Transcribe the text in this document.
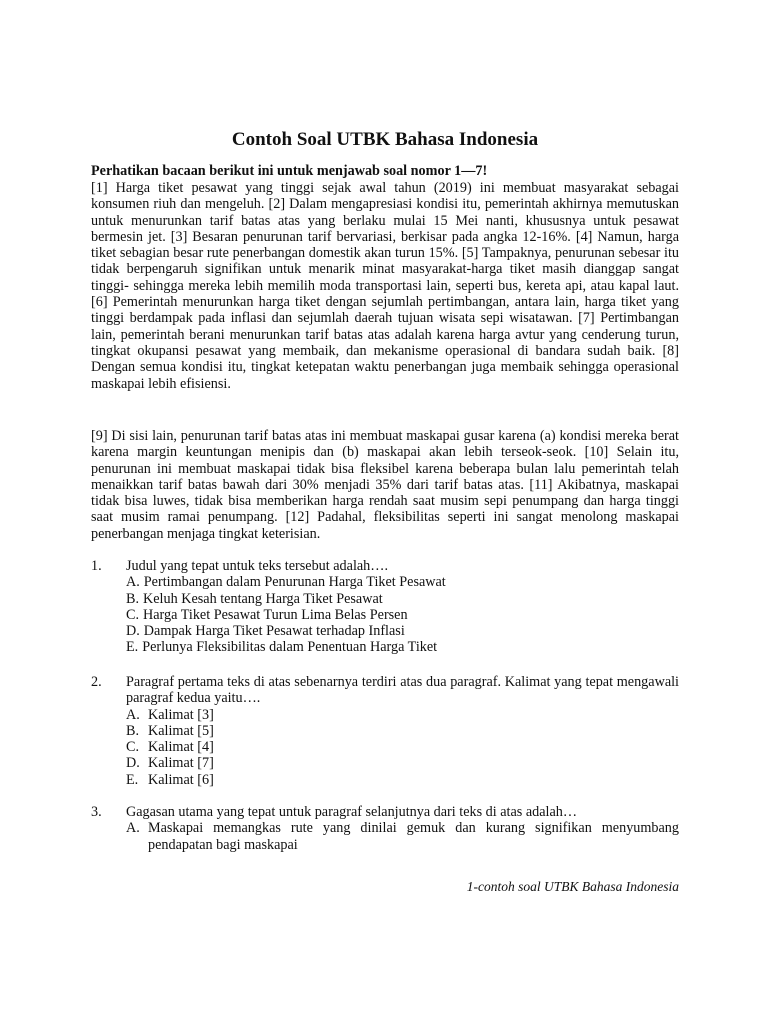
Contoh Soal UTBK Bahasa Indonesia

Perhatikan bacaan berikut ini untuk menjawab soal nomor 1—7!

[1] Harga tiket pesawat yang tinggi sejak awal tahun (2019) ini membuat masyarakat sebagai konsumen riuh dan mengeluh. [2] Dalam mengapresiasi kondisi itu, pemerintah akhirnya memutuskan untuk menurunkan tarif batas atas yang berlaku mulai 15 Mei nanti, khususnya untuk pesawat bermesin jet. [3] Besaran penurunan tarif bervariasi, berkisar pada angka 12-16%. [4] Namun, harga tiket sebagian besar rute penerbangan domestik akan turun 15%. [5] Tampaknya, penurunan sebesar itu tidak berpengaruh signifikan untuk menarik minat masyarakat-harga tiket masih dianggap sangat tinggi- sehingga mereka lebih memilih moda transportasi lain, seperti bus, kereta api, atau kapal laut. [6] Pemerintah menurunkan harga tiket dengan sejumlah pertimbangan, antara lain, harga tiket yang tinggi berdampak pada inflasi dan sejumlah daerah tujuan wisata sepi wisatawan. [7] Pertimbangan lain, pemerintah berani menurunkan tarif batas atas adalah karena harga avtur yang cenderung turun, tingkat okupansi pesawat yang membaik, dan mekanisme operasional di bandara sudah baik. [8] Dengan semua kondisi itu, tingkat ketepatan waktu penerbangan juga membaik sehingga operasional maskapai lebih efisiensi.

[9] Di sisi lain, penurunan tarif batas atas ini membuat maskapai gusar karena (a) kondisi mereka berat karena margin keuntungan menipis dan (b) maskapai akan lebih terseok-seok. [10] Selain itu, penurunan ini membuat maskapai tidak bisa fleksibel karena beberapa bulan lalu pemerintah telah menaikkan tarif batas bawah dari 30% menjadi 35% dari tarif batas atas. [11] Akibatnya, maskapai tidak bisa luwes, tidak bisa memberikan harga rendah saat musim sepi penumpang dan harga tinggi saat musim ramai penumpang. [12] Padahal, fleksibilitas seperti ini sangat menolong maskapai penerbangan menjaga tingkat keterisian.

1.	Judul yang tepat untuk teks tersebut adalah….
A. Pertimbangan dalam Penurunan Harga Tiket Pesawat
B. Keluh Kesah tentang Harga Tiket Pesawat
C. Harga Tiket Pesawat Turun Lima Belas Persen
D. Dampak Harga Tiket Pesawat terhadap Inflasi
E. Perlunya Fleksibilitas dalam Penentuan Harga Tiket
2.	Paragraf pertama teks di atas sebenarnya terdiri atas dua paragraf. Kalimat yang tepat mengawali paragraf kedua yaitu….
A. Kalimat [3]
B. Kalimat [5]
C. Kalimat [4]
D. Kalimat [7]
E. Kalimat [6]
3.	Gagasan utama yang tepat untuk paragraf selanjutnya dari teks di atas adalah…
A. Maskapai memangkas rute yang dinilai gemuk dan kurang signifikan menyumbang pendapatan bagi maskapai

1-contoh soal UTBK Bahasa Indonesia
